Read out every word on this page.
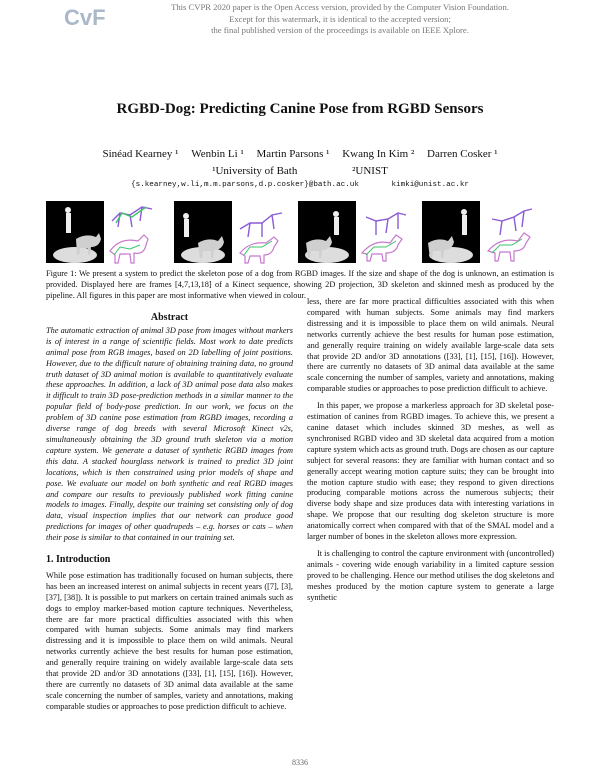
CvF	This CVPR 2020 paper is the Open Access version, provided by the Computer Vision Foundation.
Except for this watermark, it is identical to the accepted version;
the final published version of the proceedings is available on IEEE Xplore.
RGBD-Dog: Predicting Canine Pose from RGBD Sensors
Sinéad Kearney ¹ Wenbin Li ¹ Martin Parsons ¹ Kwang In Kim ² Darren Cosker ¹
¹University of Bath	²UNIST
{s.kearney,w.li,m.m.parsons,d.p.cosker}@bath.ac.uk	kimki@unist.ac.kr
Figure 1: We present a system to predict the skeleton pose of a dog from RGBD images. If the size and shape of the dog is unknown, an estimation is provided. Displayed here are frames [4,7,13,18] of a Kinect sequence, showing 2D projection, 3D skeleton and skinned mesh as produced by the pipeline. All figures in this paper are most informative when viewed in colour.
Abstract

The automatic extraction of animal 3D pose from images without markers is of interest in a range of scientific fields. Most work to date predicts animal pose from RGB images, based on 2D labelling of joint positions. However, due to the difficult nature of obtaining training data, no ground truth dataset of 3D animal motion is available to quantitatively evaluate these approaches. In addition, a lack of 3D animal pose data also makes it difficult to train 3D pose-prediction methods in a similar manner to the popular field of body-pose prediction. In our work, we focus on the problem of 3D canine pose estimation from RGBD images, recording a diverse range of dog breeds with several Microsoft Kinect v2s, simultaneously obtaining the 3D ground truth skeleton via a motion capture system. We generate a dataset of synthetic RGBD images from this data. A stacked hourglass network is trained to predict 3D joint locations, which is then constrained using prior models of shape and pose. We evaluate our model on both synthetic and real RGBD images and compare our results to previously published work fitting canine models to images. Finally, despite our training set consisting only of dog data, visual inspection implies that our network can produce good predictions for images of other quadrupeds – e.g. horses or cats – when their pose is similar to that contained in our training set.

1. Introduction

While pose estimation has traditionally focused on human subjects, there has been an increased interest on animal subjects in recent years ([7], [3], [37], [38]). It is possible to put markers on certain trained animals such as dogs to employ marker-based motion capture techniques. Nevertheless, there are far more practical difficulties associated with this when compared with human subjects. Some animals may find markers distressing and it is impossible to place them on wild animals. Neural networks currently achieve the best results for human pose estimation, and generally require training on widely available large-scale data sets that provide 2D and/or 3D annotations ([33], [1], [15], [16]). However, there are currently no datasets of 3D animal data available at the same scale concerning the number of samples, variety and annotations, making comparable studies or approaches to pose prediction difficult to achieve.

less, there are far more practical difficulties associated with this when compared with human subjects. Some animals may find markers distressing and it is impossible to place them on wild animals. Neural networks currently achieve the best results for human pose estimation, and generally require training on widely available large-scale data sets that provide 2D and/or 3D annotations ([33], [1], [15], [16]). However, there are currently no datasets of 3D animal data available at the same scale concerning the number of samples, variety and annotations, making comparable studies or approaches to pose prediction difficult to achieve.

In this paper, we propose a markerless approach for 3D skeletal pose-estimation of canines from RGBD images. To achieve this, we present a canine dataset which includes skinned 3D meshes, as well as synchronised RGBD video and 3D skeletal data acquired from a motion capture system which acts as ground truth. Dogs are chosen as our capture subject for several reasons: they are familiar with human contact and so generally accept wearing motion capture suits; they can be brought into the motion capture studio with ease; they respond to given directions producing comparable motions across the numerous subjects; their diverse body shape and size produces data with interesting variations in shape. We propose that our resulting dog skeleton structure is more anatomically correct when compared with that of the SMAL model and a larger number of bones in the skeleton allows more expression.

It is challenging to control the capture environment with (uncontrolled) animals - covering wide enough variability in a limited capture session proved to be challenging. Hence our method utilises the dog skeletons and meshes produced by the motion capture system to generate a large synthetic

8336
